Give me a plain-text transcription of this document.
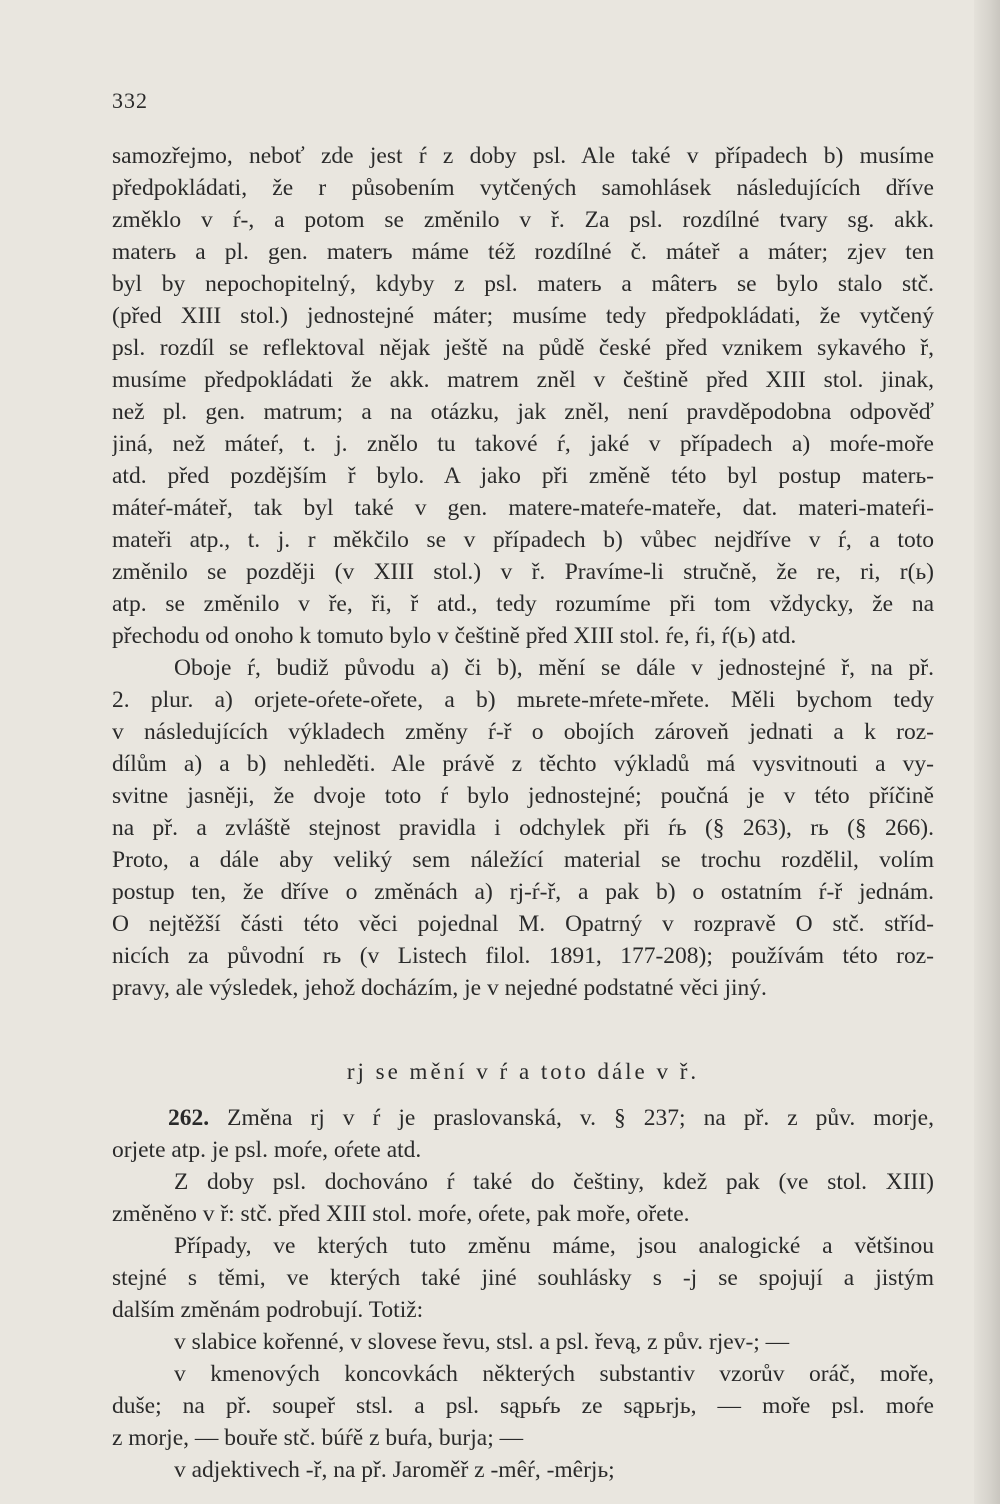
332
samozřejmo, neboť zde jest ŕ z doby psl. Ale také v případech b) musíme
předpokládati, že r působením vytčených samohlásek následujících dříve
změklo v ŕ-, a potom se změnilo v ř. Za psl. rozdílné tvary sg. akk.
materь a pl. gen. materъ máme též rozdílné č. máteř a máter; zjev ten
byl by nepochopitelný, kdyby z psl. materь a mâterъ se bylo stalo stč.
(před XIII stol.) jednostejné máter; musíme tedy předpokládati, že vytčený
psl. rozdíl se reflektoval nějak ještě na půdě české před vznikem sykavého ř,
musíme předpokládati že akk. matrem zněl v češtině před XIII stol. jinak,
než pl. gen. matrum; a na otázku, jak zněl, není pravděpodobna odpověď
jiná, než máteŕ, t. j. znělo tu takové ŕ, jaké v případech a) moŕe-moře
atd. před pozdějším ř bylo. A jako při změně této byl postup materь-
máteŕ-máteř, tak byl také v gen. matere-mateŕe-mateře, dat. materi-mateŕi-
mateři atp., t. j. r měkčilo se v případech b) vůbec nejdříve v ŕ, a toto
změnilo se později (v XIII stol.) v ř. Pravíme-li stručně, že re, ri, r(ь)
atp. se změnilo v ře, ři, ř atd., tedy rozumíme při tom vždycky, že na
přechodu od onoho k tomuto bylo v češtině před XIII stol. ŕe, ŕi, ŕ(ь) atd.
Oboje ŕ, budiž původu a) či b), mění se dále v jednostejné ř, na př.
2. plur. a) orjete-oŕete-ořete, a b) mьrete-mŕete-mřete. Měli bychom tedy
v následujících výkladech změny ŕ-ř o obojích zároveň jednati a k roz-
dílům a) a b) nehleděti. Ale právě z těchto výkladů má vysvitnouti a vy-
svitne jasněji, že dvoje toto ŕ bylo jednostejné; poučná je v této příčině
na př. a zvláště stejnost pravidla i odchylek při ŕь (§ 263), rь (§ 266).
Proto, a dále aby veliký sem náležící material se trochu rozdělil, volím
postup ten, že dříve o změnách a) rj-ŕ-ř, a pak b) o ostatním ŕ-ř jednám.
O nejtěžší části této věci pojednal M. Opatrný v rozpravě O stč. stříd-
nicích za původní rь (v Listech filol. 1891, 177-208); používám této roz-
pravy, ale výsledek, jehož docházím, je v nejedné podstatné věci jiný.
rj se mění v ŕ a toto dále v ř.
262. Změna rj v ŕ je praslovanská, v. § 237; na př. z pův. morje,
orjete atp. je psl. moŕe, oŕete atd.
Z doby psl. dochováno ŕ také do češtiny, kdež pak (ve stol. XIII)
změněno v ř: stč. před XIII stol. moŕe, oŕete, pak moře, ořete.
Případy, ve kterých tuto změnu máme, jsou analogické a většinou
stejné s těmi, ve kterých také jiné souhlásky s -j se spojují a jistým
dalším změnám podrobují. Totiž:
v slabice kořenné, v slovese řevu, stsl. a psl. řevą, z pův. rjev-; —
v kmenových koncovkách některých substantiv vzorův oráč, moře,
duše; na př. soupeř stsl. a psl. sąpьŕь ze sąpьrjь, — moře psl. moŕe
z morje, — bouře stč. búŕě z buŕa, burja; —
v adjektivech -ř, na př. Jaroměř z -mêŕ, -mêrjь;
